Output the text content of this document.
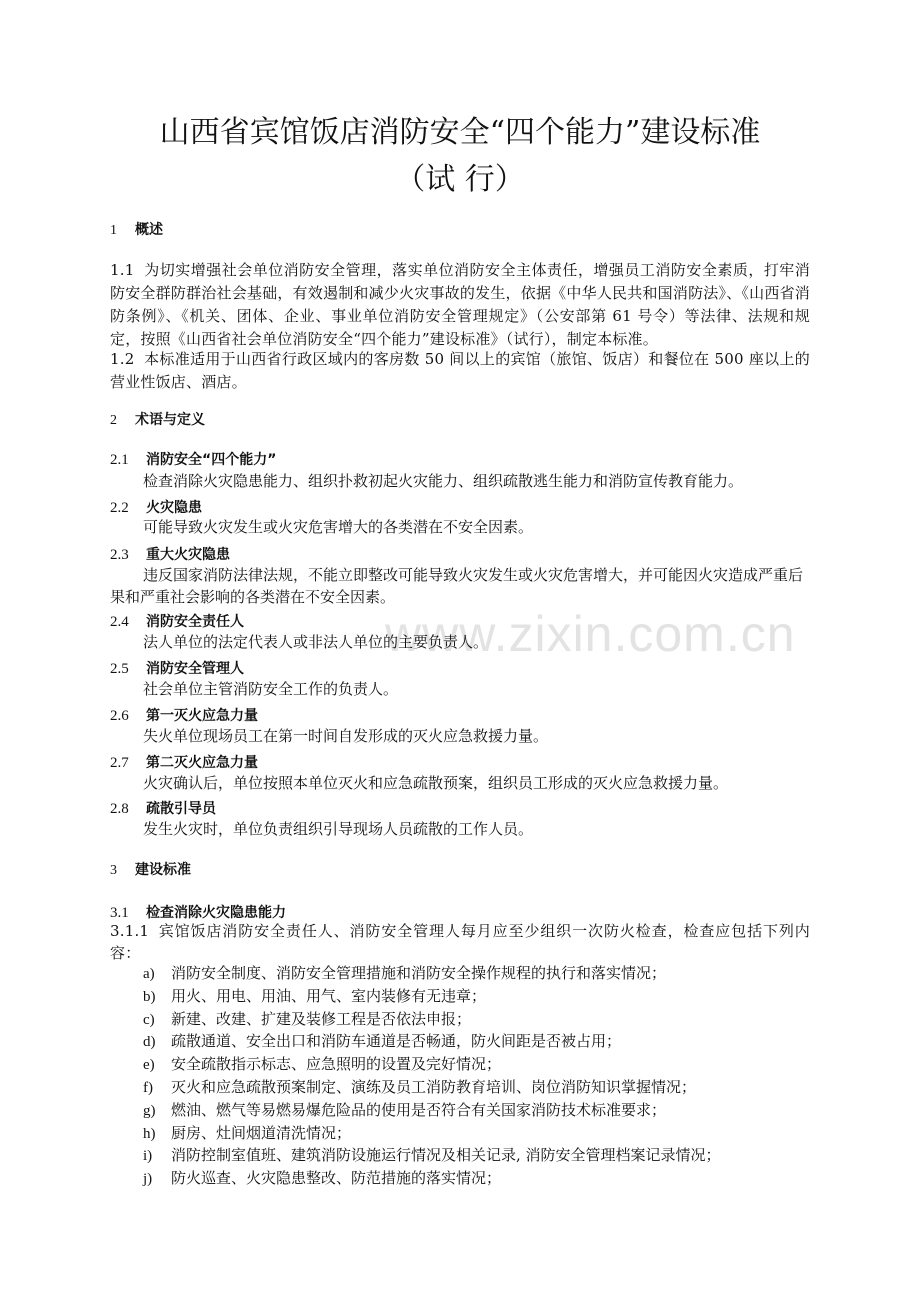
www.zixin.com.cn
山西省宾馆饭店消防安全“四个能力”建设标准
（试 行）
1 概述

1.1 为切实增强社会单位消防安全管理，落实单位消防安全主体责任，增强员工消防安全素质，打牢消防安全群防群治社会基础，有效遏制和减少火灾事故的发生，依据《中华人民共和国消防法》、《山西省消防条例》、《机关、团体、企业、事业单位消防安全管理规定》（公安部第 61 号令）等法律、法规和规定，按照《山西省社会单位消防安全“四个能力”建设标准》（试行），制定本标准。

1.2 本标准适用于山西省行政区域内的客房数 50 间以上的宾馆（旅馆、饭店）和餐位在 500 座以上的营业性饭店、酒店。

2 术语与定义
2.1 消防安全“四个能力”
检查消除火灾隐患能力、组织扑救初起火灾能力、组织疏散逃生能力和消防宣传教育能力。
2.2 火灾隐患
可能导致火灾发生或火灾危害增大的各类潜在不安全因素。
2.3 重大火灾隐患

违反国家消防法律法规，不能立即整改可能导致火灾发生或火灾危害增大，并可能因火灾造成严重后果和严重社会影响的各类潜在不安全因素。

2.4 消防安全责任人
法人单位的法定代表人或非法人单位的主要负责人。
2.5 消防安全管理人
社会单位主管消防安全工作的负责人。
2.6 第一灭火应急力量
失火单位现场员工在第一时间自发形成的灭火应急救援力量。
2.7 第二灭火应急力量
火灾确认后，单位按照本单位灭火和应急疏散预案，组织员工形成的灭火应急救援力量。
2.8 疏散引导员
发生火灾时，单位负责组织引导现场人员疏散的工作人员。
3 建设标准
3.1 检查消除火灾隐患能力

3.1.1 宾馆饭店消防安全责任人、消防安全管理人每月应至少组织一次防火检查，检查应包括下列内容：

a) 消防安全制度、消防安全管理措施和消防安全操作规程的执行和落实情况；
b) 用火、用电、用油、用气、室内装修有无违章；
c) 新建、改建、扩建及装修工程是否依法申报；
d) 疏散通道、安全出口和消防车通道是否畅通，防火间距是否被占用；
e) 安全疏散指示标志、应急照明的设置及完好情况；
f) 灭火和应急疏散预案制定、演练及员工消防教育培训、岗位消防知识掌握情况；
g) 燃油、燃气等易燃易爆危险品的使用是否符合有关国家消防技术标准要求；
h) 厨房、灶间烟道清洗情况；
i) 消防控制室值班、建筑消防设施运行情况及相关记录, 消防安全管理档案记录情况；
j) 防火巡查、火灾隐患整改、防范措施的落实情况；
